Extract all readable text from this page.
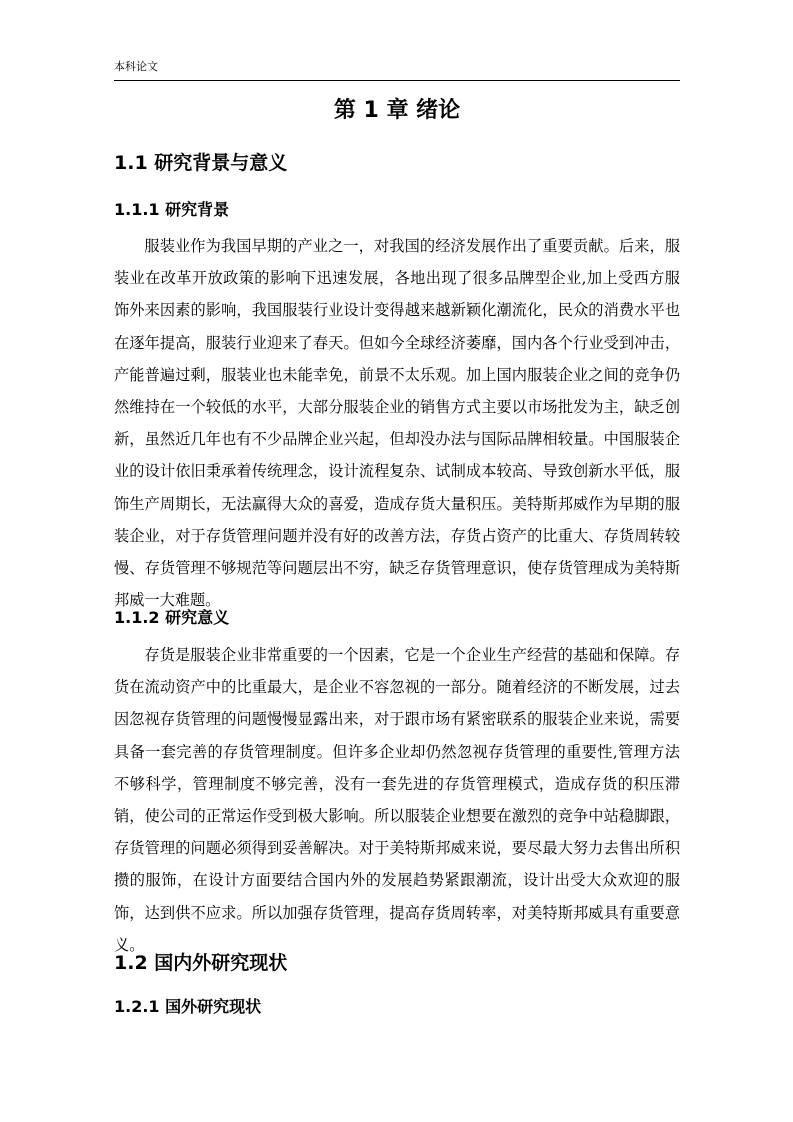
本科论文
第 1 章 绪论
1.1 研究背景与意义
1.1.1 研究背景

服装业作为我国早期的产业之一，对我国的经济发展作出了重要贡献。后来，服装业在改革开放政策的影响下迅速发展，各地出现了很多品牌型企业,加上受西方服饰外来因素的影响，我国服装行业设计变得越来越新颖化潮流化，民众的消费水平也在逐年提高，服装行业迎来了春天。但如今全球经济萎靡，国内各个行业受到冲击，产能普遍过剩，服装业也未能幸免，前景不太乐观。加上国内服装企业之间的竞争仍然维持在一个较低的水平，大部分服装企业的销售方式主要以市场批发为主，缺乏创新，虽然近几年也有不少品牌企业兴起，但却没办法与国际品牌相较量。中国服装企业的设计依旧秉承着传统理念，设计流程复杂、试制成本较高、导致创新水平低，服饰生产周期长，无法赢得大众的喜爱，造成存货大量积压。美特斯邦威作为早期的服装企业，对于存货管理问题并没有好的改善方法，存货占资产的比重大、存货周转较慢、存货管理不够规范等问题层出不穷，缺乏存货管理意识，使存货管理成为美特斯邦威一大难题。

1.1.2 研究意义

存货是服装企业非常重要的一个因素，它是一个企业生产经营的基础和保障。存货在流动资产中的比重最大，是企业不容忽视的一部分。随着经济的不断发展，过去因忽视存货管理的问题慢慢显露出来，对于跟市场有紧密联系的服装企业来说，需要具备一套完善的存货管理制度。但许多企业却仍然忽视存货管理的重要性,管理方法不够科学，管理制度不够完善，没有一套先进的存货管理模式，造成存货的积压滞销，使公司的正常运作受到极大影响。所以服装企业想要在激烈的竞争中站稳脚跟，存货管理的问题必须得到妥善解决。对于美特斯邦威来说，要尽最大努力去售出所积攒的服饰，在设计方面要结合国内外的发展趋势紧跟潮流，设计出受大众欢迎的服饰，达到供不应求。所以加强存货管理，提高存货周转率，对美特斯邦威具有重要意义。

1.2 国内外研究现状
1.2.1 国外研究现状
